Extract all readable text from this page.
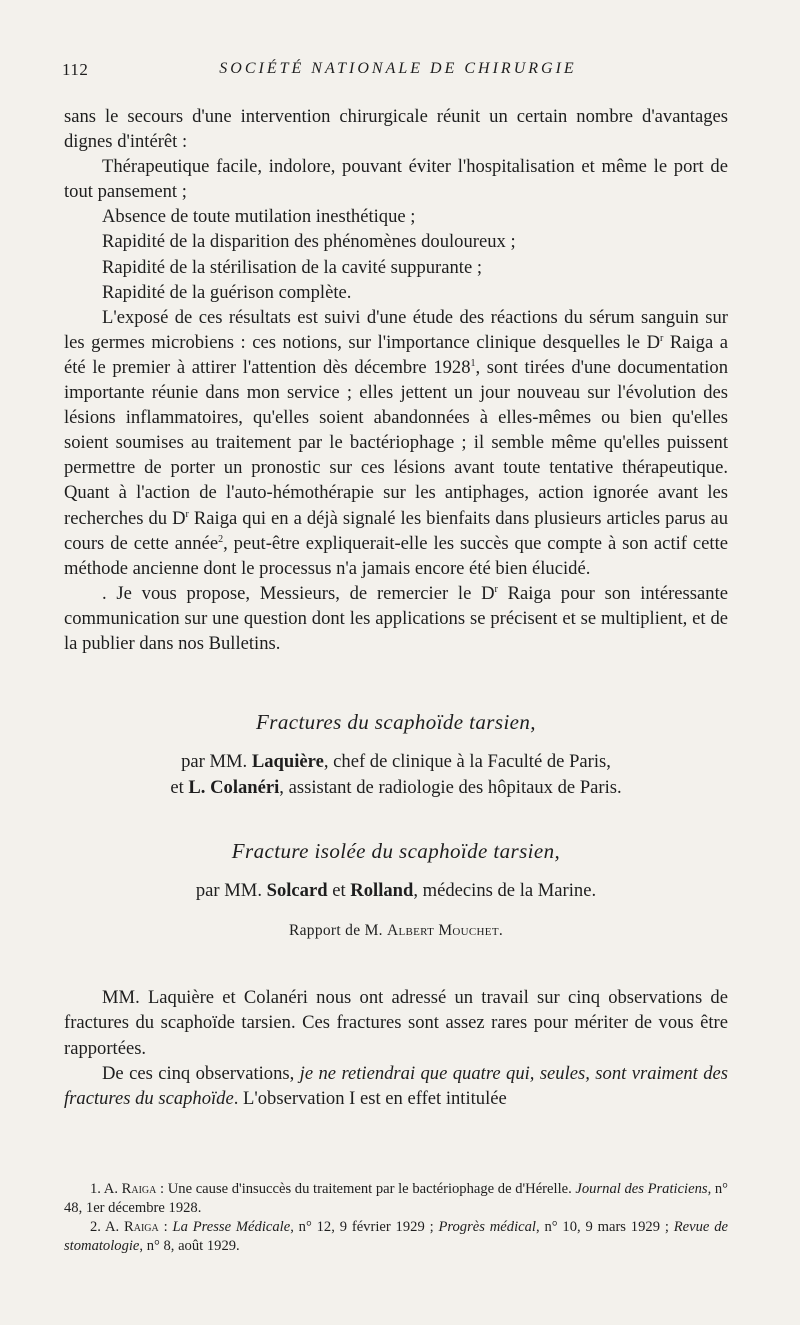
112	SOCIÉTÉ NATIONALE DE CHIRURGIE

sans le secours d'une intervention chirurgicale réunit un certain nombre d'avantages dignes d'intérêt :

Thérapeutique facile, indolore, pouvant éviter l'hospitalisation et même le port de tout pansement ;

Absence de toute mutilation inesthétique ;

Rapidité de la disparition des phénomènes douloureux ;

Rapidité de la stérilisation de la cavité suppurante ;

Rapidité de la guérison complète.

L'exposé de ces résultats est suivi d'une étude des réactions du sérum sanguin sur les germes microbiens : ces notions, sur l'importance clinique desquelles le $D^r$ Raiga a été le premier à attirer l'attention dès décembre 1928$^1$, sont tirées d'une documentation importante réunie dans mon service ; elles jettent un jour nouveau sur l'évolution des lésions inflammatoires, qu'elles soient abandonnées à elles-mêmes ou bien qu'elles soient soumises au traitement par le bactériophage ; il semble même qu'elles puissent permettre de porter un pronostic sur ces lésions avant toute tentative thérapeutique. Quant à l'action de l'auto-hémothérapie sur les antiphages, action ignorée avant les recherches du $D^r$ Raiga qui en a déjà signalé les bienfaits dans plusieurs articles parus au cours de cette année$^2$, peut-être expliquerait-elle les succès que compte à son actif cette méthode ancienne dont le processus n'a jamais encore été bien élucidé.

. Je vous propose, Messieurs, de remercier le $D^r$ Raiga pour son intéressante communication sur une question dont les applications se précisent et se multiplient, et de la publier dans nos Bulletins.

Fractures du scaphoïde tarsien,

par MM. Laquière, chef de clinique à la Faculté de Paris,

et L. Colanéri, assistant de radiologie des hôpitaux de Paris.

Fracture isolée du scaphoïde tarsien,

par MM. Solcard et Rolland, médecins de la Marine.

Rapport de M. Albert Mouchet.

MM. Laquière et Colanéri nous ont adressé un travail sur cinq observations de fractures du scaphoïde tarsien. Ces fractures sont assez rares pour mériter de vous être rapportées.

De ces cinq observations, je ne retiendrai que quatre qui, seules, sont vraiment des fractures du scaphoïde. L'observation I est en effet intitulée

1. A. Raiga : Une cause d'insuccès du traitement par le bactériophage de d'Hérelle. Journal des Praticiens, n° 48, 1er décembre 1928.

2. A. Raiga : La Presse Médicale, n° 12, 9 février 1929 ; Progrès médical, n° 10, 9 mars 1929 ; Revue de stomatologie, n° 8, août 1929.
